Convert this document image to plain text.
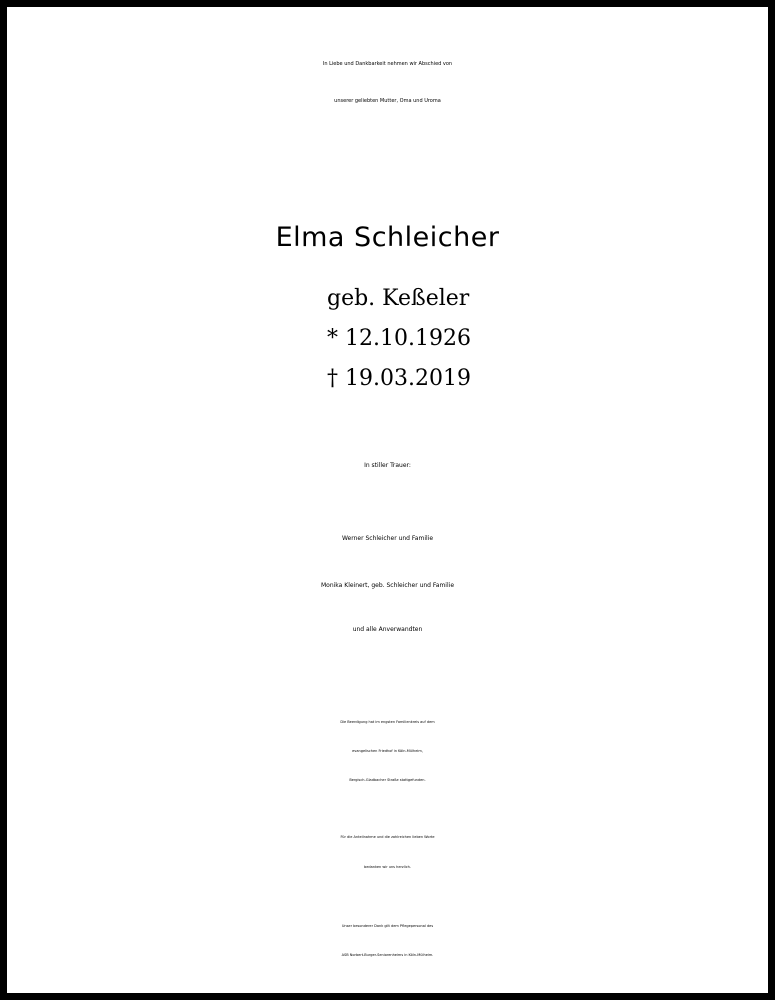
In Liebe und Dankbarkeit nehmen wir Abschied von

unserer geliebten Mutter, Oma und Uroma

Elma Schleicher

geb. Keßeler

* 12.10.1926

† 19.03.2019

In stiller Trauer:

Werner Schleicher und Familie

Monika Kleinert, geb. Schleicher und Familie

und alle Anverwandten

Die Beerdigung hat im engsten Familienkreis auf dem

evangelischen Friedhof in Köln-Mülheim,

Bergisch-Gladbacher Straße stattgefunden.

Für die Anteilnahme und die zahlreichen lieben Worte

bedanken wir uns herzlich.

Unser besonderer Dank gilt dem Pflegepersonal des

ASB Norbert-Burger-Seniorenheims in Köln-Mülheim.
